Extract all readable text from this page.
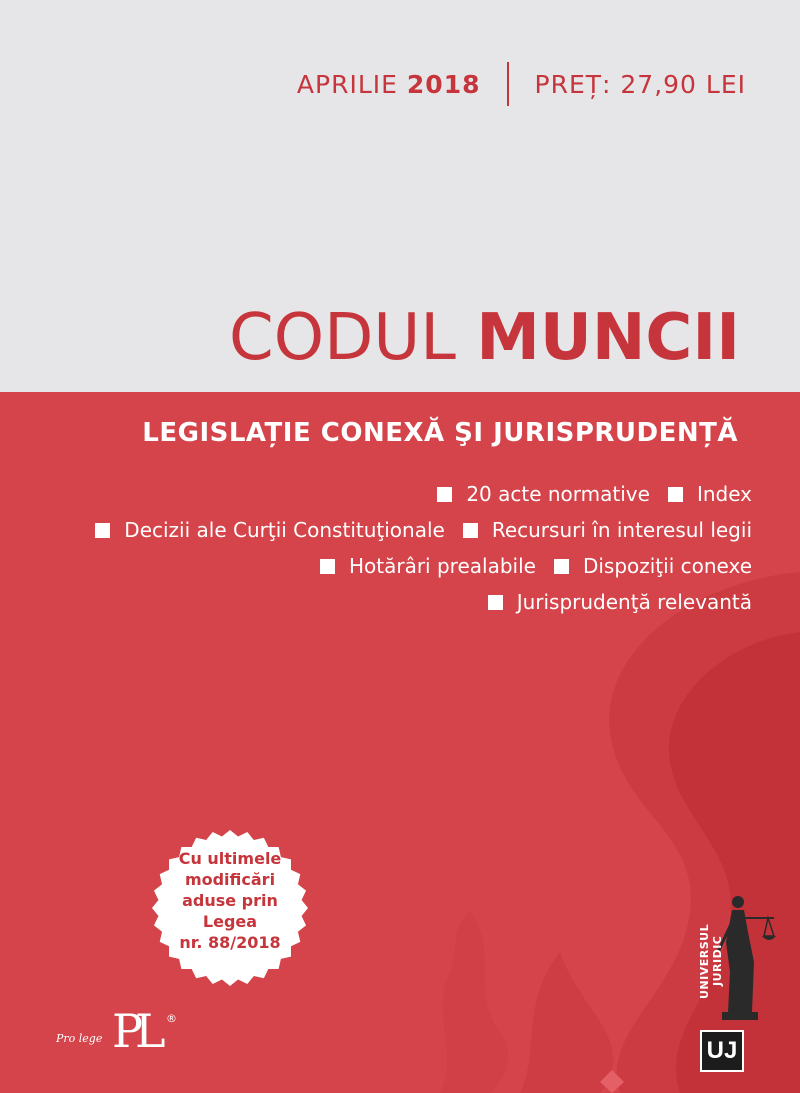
APRILIE
2018 PREȚ: 27,90 LEI
CODUL MUNCII
LEGISLAȚIE CONEXĂ ŞI JURISPRUDENȚĂ
20 acte normative Index
Decizii ale Curţii Constituţionale Recursuri în interesul legii
Hotărâri prealabile Dispoziţii conexe
Jurisprudenţă relevantă
Cu ultimele
modificări
aduse prin
Legea
nr. 88/2018
Pro lege PL ®
UNIVERSUL JURIDIC
UJ
